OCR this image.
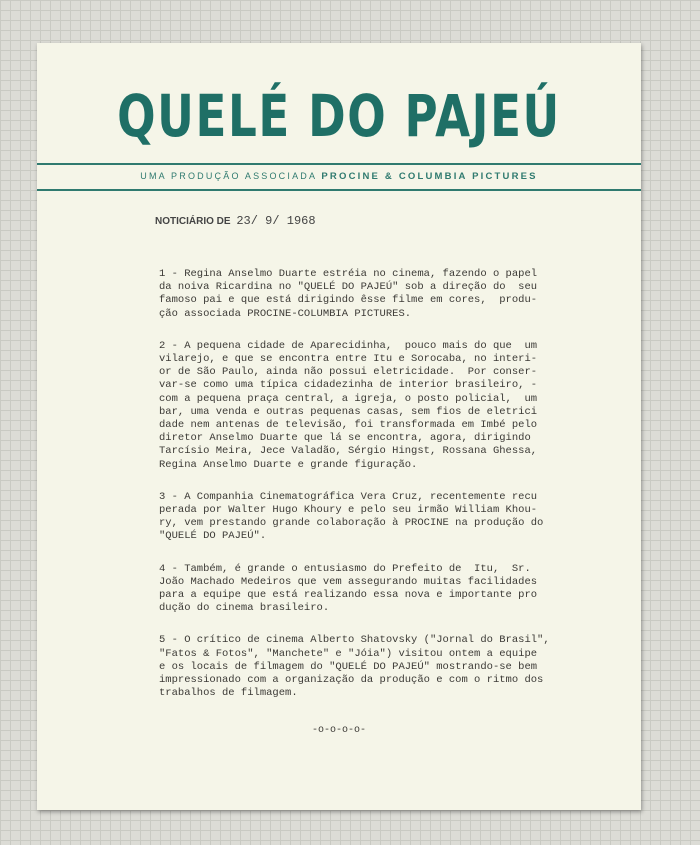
QUELÉ DO PAJEÚ
UMA PRODUÇÃO ASSOCIADA PROCINE & COLUMBIA PICTURES
NOTICIÁRIO DE 23/ 9/ 1968
1 - Regina Anselmo Duarte estréia no cinema, fazendo o papel
da noiva Ricardina no "QUELÉ DO PAJEÚ" sob a direção do  seu
famoso pai e que está dirigindo êsse filme em cores,  produ-
ção associada PROCINE-COLUMBIA PICTURES.
2 - A pequena cidade de Aparecidinha,  pouco mais do que  um
vilarejo, e que se encontra entre Itu e Sorocaba, no interi-
or de São Paulo, ainda não possui eletricidade.  Por conser-
var-se como uma típica cidadezinha de interior brasileiro, -
com a pequena praça central, a igreja, o posto policial,  um
bar, uma venda e outras pequenas casas, sem fios de eletrici
dade nem antenas de televisão, foi transformada em Imbé pelo
diretor Anselmo Duarte que lá se encontra, agora, dirigindo
Tarcísio Meira, Jece Valadão, Sérgio Hingst, Rossana Ghessa,
Regina Anselmo Duarte e grande figuração.
3 - A Companhia Cinematográfica Vera Cruz, recentemente recu
perada por Walter Hugo Khoury e pelo seu irmão William Khou-
ry, vem prestando grande colaboração à PROCINE na produção do
"QUELÉ DO PAJEÚ".
4 - Também, é grande o entusiasmo do Prefeito de  Itu,  Sr.
João Machado Medeiros que vem assegurando muitas facilidades
para a equipe que está realizando essa nova e importante pro
dução do cinema brasileiro.
5 - O crítico de cinema Alberto Shatovsky ("Jornal do Brasil",
"Fatos & Fotos", "Manchete" e "Jóia") visitou ontem a equipe
e os locais de filmagem do "QUELÉ DO PAJEÚ" mostrando-se bem
impressionado com a organização da produção e com o ritmo dos
trabalhos de filmagem.
-o-o-o-o-
